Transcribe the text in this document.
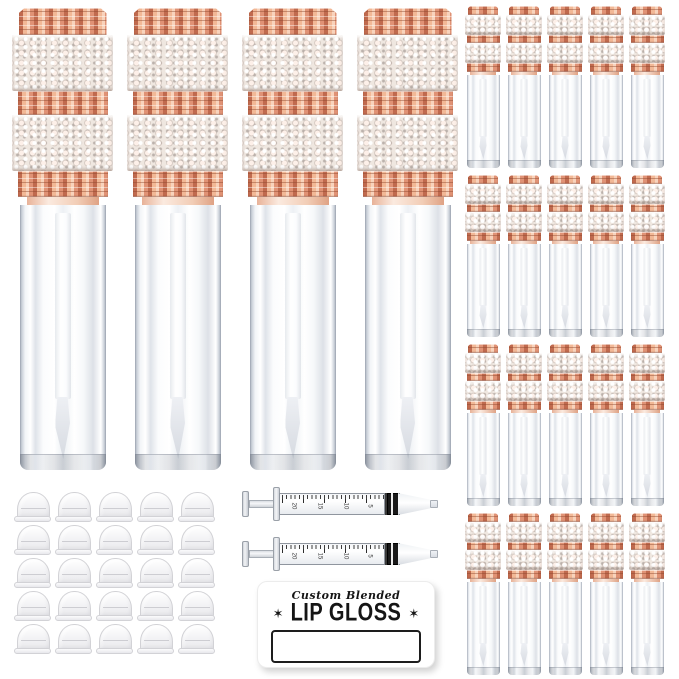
20	15	10	5
20	15	10	5
Custom Blended
✶ LIP GLOSS ✶
